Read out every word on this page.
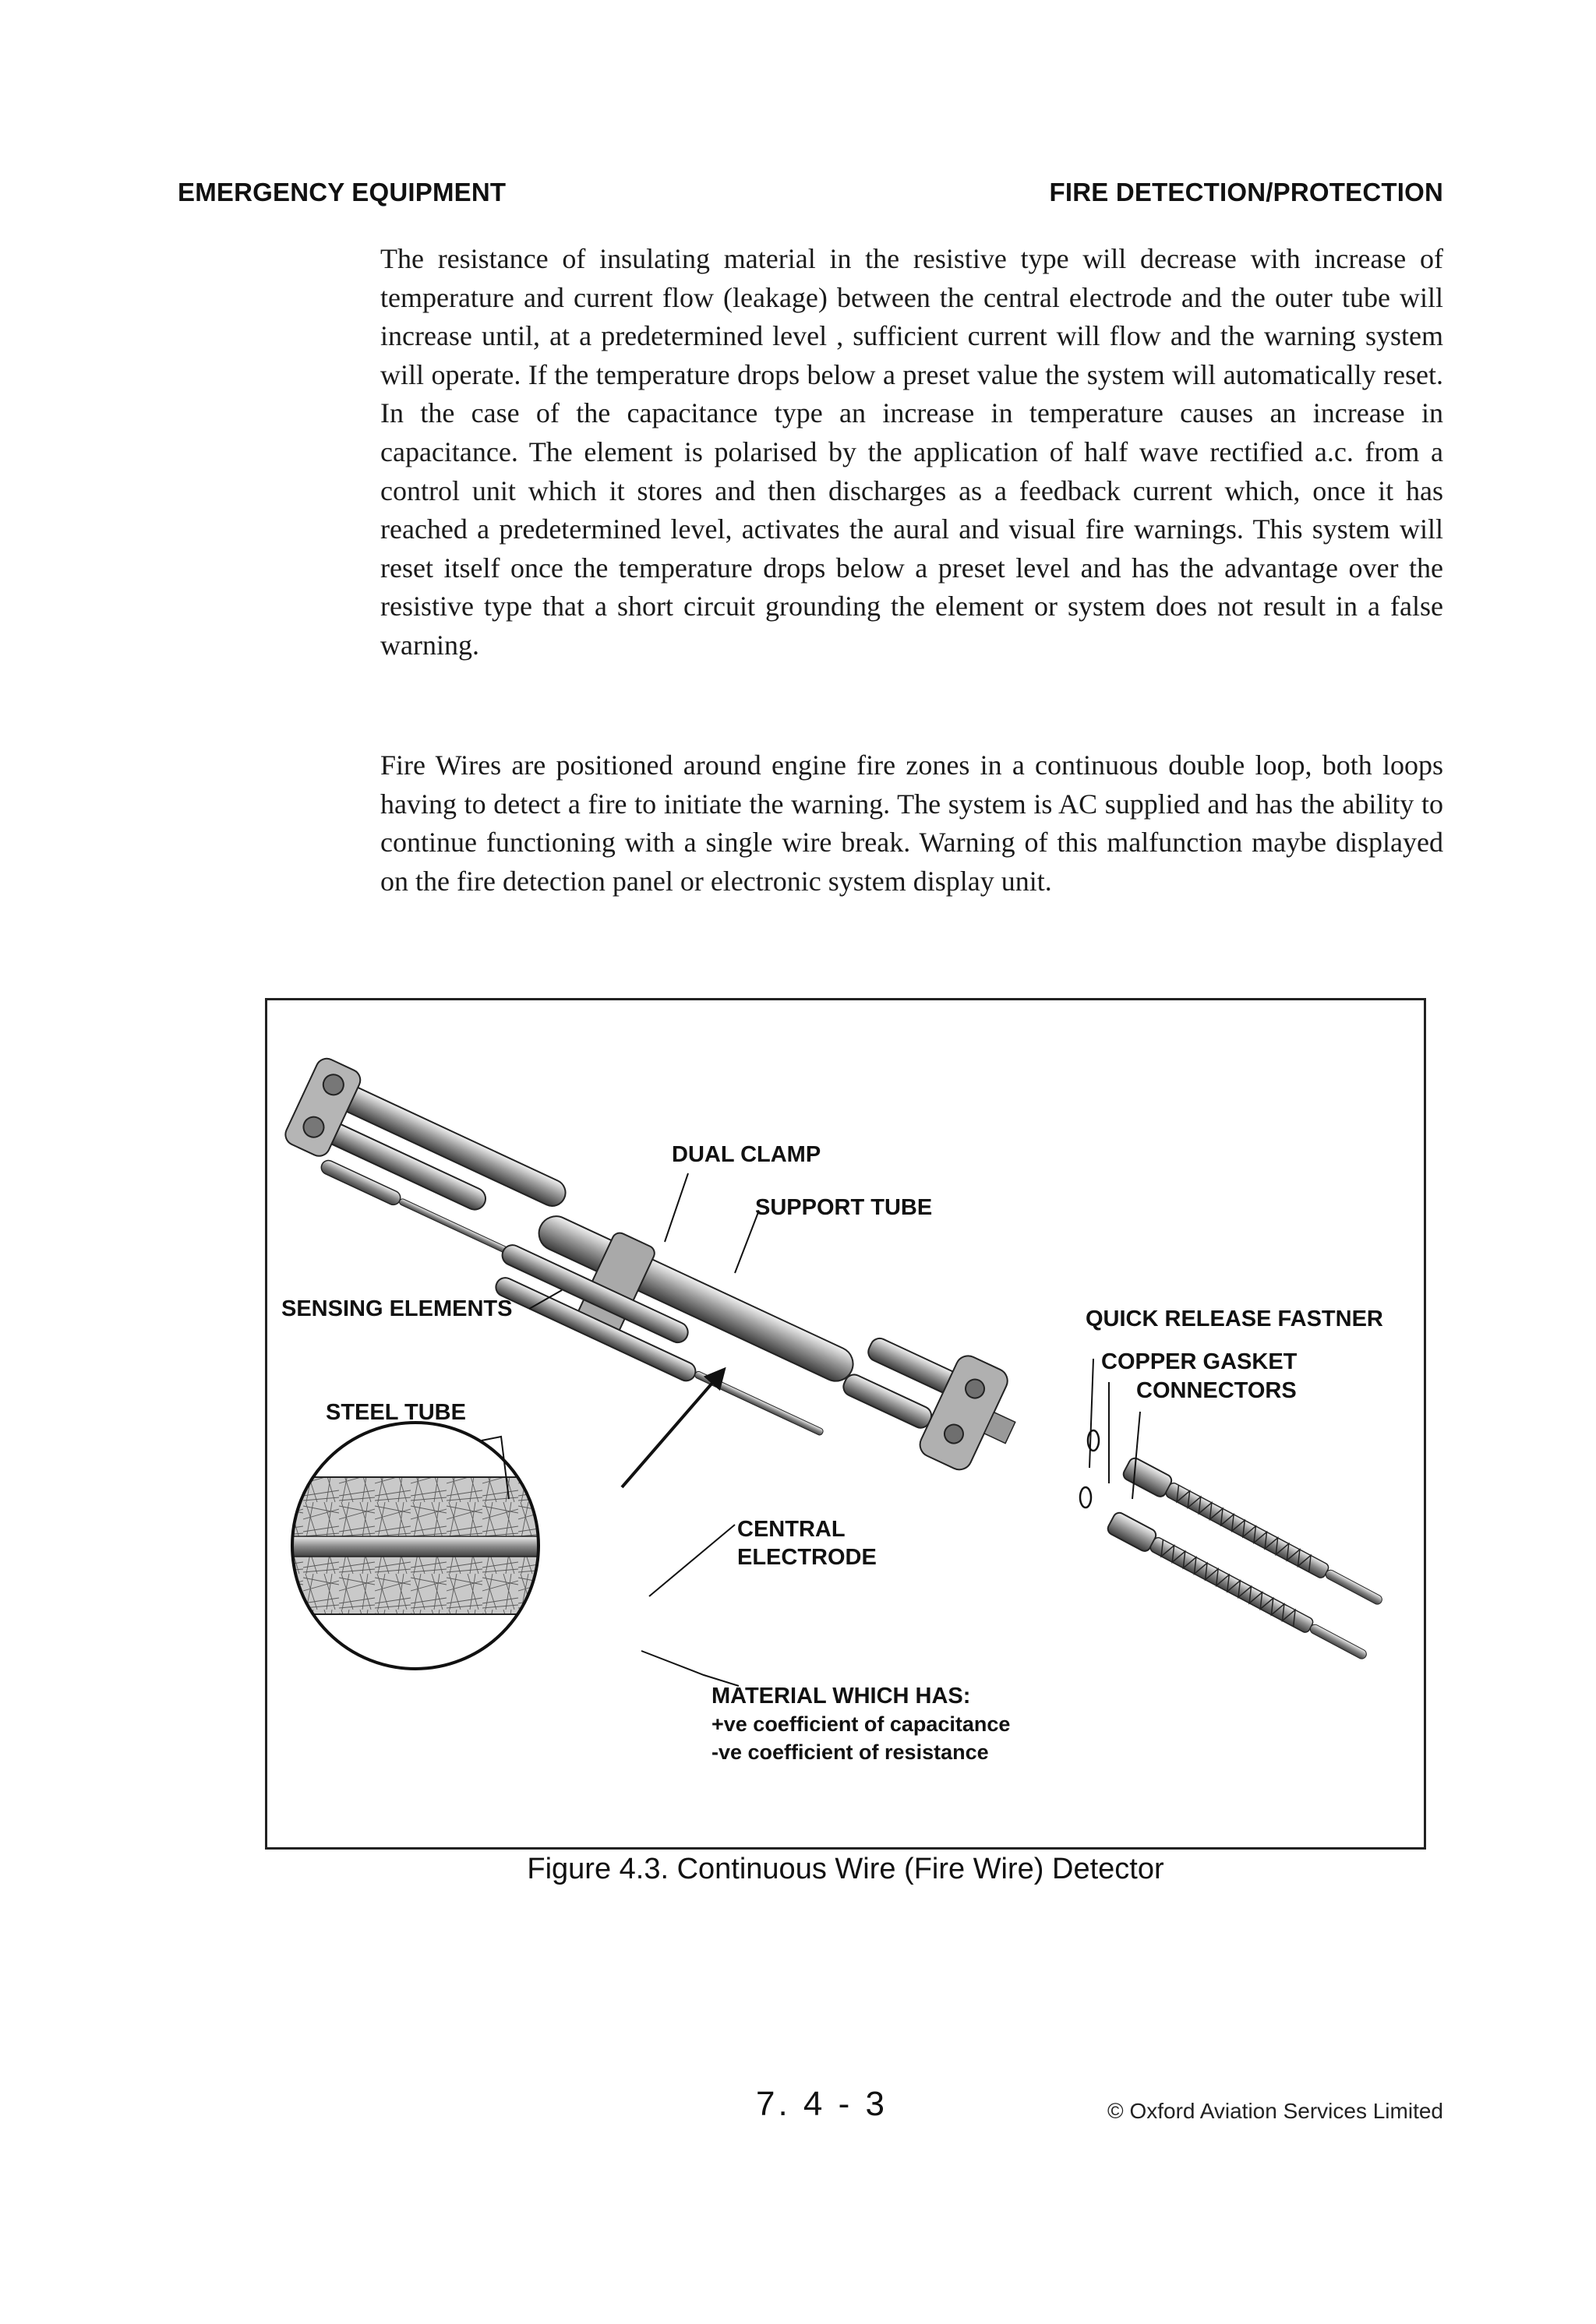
EMERGENCY EQUIPMENT	FIRE DETECTION/PROTECTION

The resistance of insulating material in the resistive type will decrease with increase of temperature and current flow (leakage) between the central electrode and the outer tube will increase until, at a predetermined level , sufficient current will flow and the warning system will operate. If the temperature drops below a preset value the system will automatically reset. In the case of the capacitance type an increase in temperature causes an increase in capacitance. The element is polarised by the application of half wave rectified a.c. from a control unit which it stores and then discharges as a feedback current which, once it has reached a predetermined level, activates the aural and visual fire warnings. This system will reset itself once the temperature drops below a preset level and has the advantage over the resistive type that a short circuit grounding the element or system does not result in a false warning.

Fire Wires are positioned around engine fire zones in a continuous double loop, both loops having to detect a fire to initiate the warning. The system is AC supplied and has the ability to continue functioning with a single wire break. Warning of this malfunction maybe displayed on the fire detection panel or electronic system display unit.

DUAL CLAMP
SUPPORT TUBE
SENSING ELEMENTS
STEEL TUBE
QUICK RELEASE FASTNER
COPPER GASKET
CONNECTORS
CENTRAL
ELECTRODE
MATERIAL WHICH HAS:
+ve coefficient of capacitance
-ve coefficient of resistance
Figure 4.3. Continuous Wire (Fire Wire) Detector
7. 4 - 3	© Oxford Aviation Services Limited
